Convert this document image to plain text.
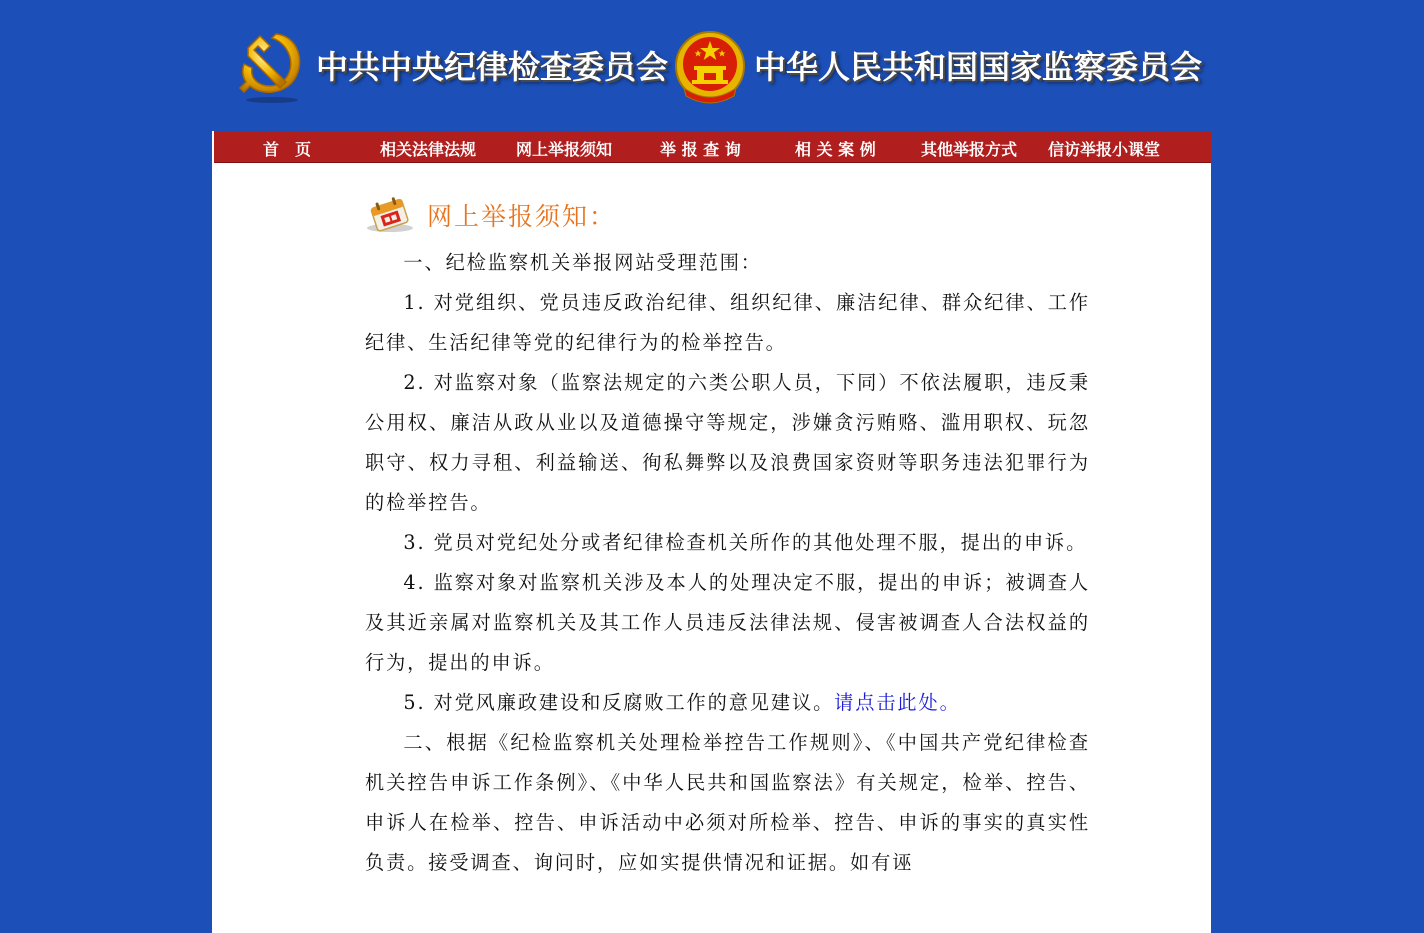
中共中央纪律检查委员会	中华人民共和国国家监察委员会
首　页	相关法律法规 网上举报须知	举 报 查 询	相 关 案 例	其他举报方式 信访举报小课堂
网上举报须知：

一、纪检监察机关举报网站受理范围：

1. 对党组织、党员违反政治纪律、组织纪律、廉洁纪律、群众纪律、工作纪律、生活纪律等党的纪律行为的检举控告。

2. 对监察对象（监察法规定的六类公职人员，下同）不依法履职，违反秉公用权、廉洁从政从业以及道德操守等规定，涉嫌贪污贿赂、滥用职权、玩忽职守、权力寻租、利益输送、徇私舞弊以及浪费国家资财等职务违法犯罪行为的检举控告。

3. 党员对党纪处分或者纪律检查机关所作的其他处理不服，提出的申诉。

4. 监察对象对监察机关涉及本人的处理决定不服，提出的申诉；被调查人及其近亲属对监察机关及其工作人员违反法律法规、侵害被调查人合法权益的行为，提出的申诉。

5. 对党风廉政建设和反腐败工作的意见建议。请点击此处。

二、根据《纪检监察机关处理检举控告工作规则》、《中国共产党纪律检查机关控告申诉工作条例》、《中华人民共和国监察法》有关规定，检举、控告、申诉人在检举、控告、申诉活动中必须对所检举、控告、申诉的事实的真实性负责。接受调查、询问时，应如实提供情况和证据。如有诬
